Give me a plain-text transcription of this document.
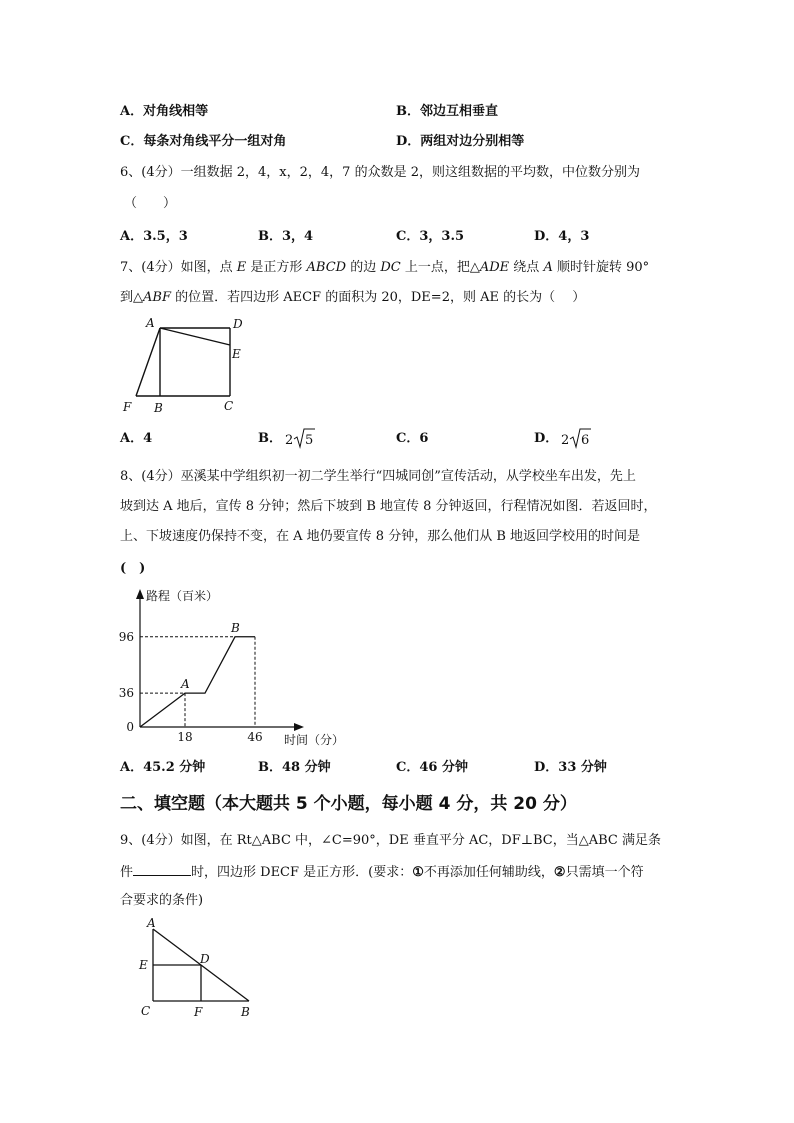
A．对角线相等	B．邻边互相垂直
C．每条对角线平分一组对角	D．两组对边分别相等
6、(4分）一组数据 2，4，x，2，4，7 的众数是 2，则这组数据的平均数，中位数分别为
（　　）
A．3.5，3	B．3，4	C．3，3.5	D．4，3
7、(4分）如图，点 E 是正方形 ABCD 的边 DC 上一点，把△ADE 绕点 A 顺时针旋转 90°
到△ABF 的位置．若四边形 AECF 的面积为 20，DE=2，则 AE 的长为（　 ）
A	D
E
F B	C
A．4	B． 2 5	C．6	D． 2 6
8、(4分）巫溪某中学组织初一初二学生举行“四城同创”宣传活动，从学校坐车出发，先上
坡到达 A 地后，宣传 8 分钟；然后下坡到 B 地宣传 8 分钟返回，行程情况如图．若返回时，
上、下坡速度仍保持不变，在 A 地仍要宣传 8 分钟，那么他们从 B 地返回学校用的时间是
(　)
路程（百米）
时间（分）
0
36
96
18	46
A
B
A．45.2 分钟	B．48 分钟	C．46 分钟	D．33 分钟
二、填空题（本大题共 5 个小题，每小题 4 分，共 20 分）
9、(4分）如图，在 Rt△ABC 中，∠C=90°，DE 垂直平分 AC，DF⊥BC，当△ABC 满足条
件	时，四边形 DECF 是正方形．(要求：①不再添加任何辅助线，②只需填一个符
合要求的条件)
A
E	D
C	F	B
